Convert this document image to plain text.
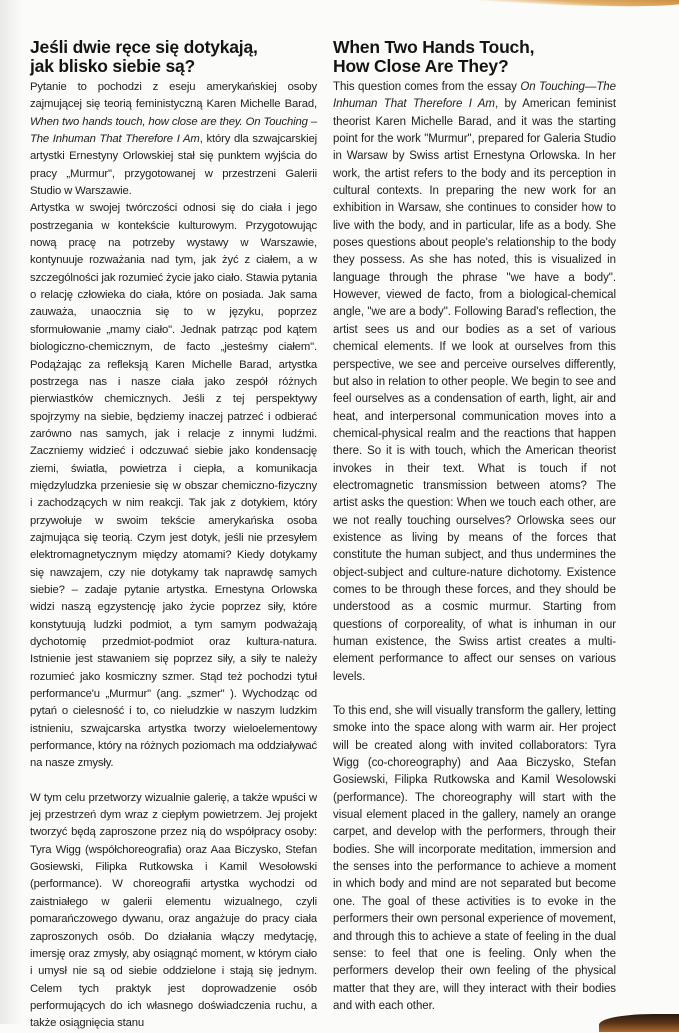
Jeśli dwie ręce się dotykają,
jak blisko siebie są?

Pytanie to pochodzi z eseju amerykańskiej osoby zajmującej się teorią feministyczną Karen Michelle Barad, When two hands touch, how close are they. On Touching – The Inhuman That Therefore I Am, który dla szwajcarskiej artystki Ernestyny Orlowskiej stał się punktem wyjścia do pracy „Murmur", przygotowanej w przestrzeni Galerii Studio w Warszawie.

Artystka w swojej twórczości odnosi się do ciała i jego postrzegania w kontekście kulturowym. Przygotowując nową pracę na potrzeby wystawy w Warszawie, kontynuuje rozważania nad tym, jak żyć z ciałem, a w szczególności jak rozumieć życie jako ciało. Stawia pytania o relację człowieka do ciała, które on posiada. Jak sama zauważa, unaocznia się to w języku, poprzez sformułowanie „mamy ciało". Jednak patrząc pod kątem biologiczno-chemicznym, de facto „jesteśmy ciałem". Podążając za refleksją Karen Michelle Barad, artystka postrzega nas i nasze ciała jako zespół różnych pierwiastków chemicznych. Jeśli z tej perspektywy spojrzymy na siebie, będziemy inaczej patrzeć i odbierać zarówno nas samych, jak i relacje z innymi ludźmi. Zaczniemy widzieć i odczuwać siebie jako kondensację ziemi, światła, powietrza i ciepła, a komunikacja międzyludzka przeniesie się w obszar chemiczno-fizyczny i zachodzących w nim reakcji. Tak jak z dotykiem, który przywołuje w swoim tekście amerykańska osoba zajmująca się teorią. Czym jest dotyk, jeśli nie przesyłem elektromagnetycznym między atomami? Kiedy dotykamy się nawzajem, czy nie dotykamy tak naprawdę samych siebie? – zadaje pytanie artystka. Ernestyna Orlowska widzi naszą egzystencję jako życie poprzez siły, które konstytuują ludzki podmiot, a tym samym podważają dychotomię przedmiot-podmiot oraz kultura-natura. Istnienie jest stawaniem się poprzez siły, a siły te należy rozumieć jako kosmiczny szmer. Stąd też pochodzi tytuł performance'u „Murmur" (ang. „szmer" ). Wychodząc od pytań o cielesność i to, co nieludzkie w naszym ludzkim istnieniu, szwajcarska artystka tworzy wieloelementowy performance, który na różnych poziomach ma oddziaływać na nasze zmysły.

W tym celu przetworzy wizualnie galerię, a także wpuści w jej przestrzeń dym wraz z ciepłym powietrzem. Jej projekt tworzyć będą zaproszone przez nią do współpracy osoby: Tyra Wigg (współchoreografia) oraz Aaa Biczysko, Stefan Gosiewski, Filipka Rutkowska i Kamil Wesołowski (performance). W choreografii artystka wychodzi od zaistniałego w galerii elementu wizualnego, czyli pomarańczowego dywanu, oraz angażuje do pracy ciała zaproszonych osób. Do działania włączy medytację, imersję oraz zmysły, aby osiągnąć moment, w którym ciało i umysł nie są od siebie oddzielone i stają się jednym. Celem tych praktyk jest doprowadzenie osób performujących do ich własnego doświadczenia ruchu, a także osiągnięcia stanu

When Two Hands Touch,
How Close Are They?

This question comes from the essay On Touching—The Inhuman That Therefore I Am, by American feminist theorist Karen Michelle Barad, and it was the starting point for the work "Murmur", prepared for Galeria Studio in Warsaw by Swiss artist Ernestyna Orlowska. In her work, the artist refers to the body and its perception in cultural contexts. In preparing the new work for an exhibition in Warsaw, she continues to consider how to live with the body, and in particular, life as a body. She poses questions about people's relationship to the body they possess. As she has noted, this is visualized in language through the phrase "we have a body". However, viewed de facto, from a biological-chemical angle, "we are a body". Following Barad's reflection, the artist sees us and our bodies as a set of various chemical elements. If we look at ourselves from this perspective, we see and perceive ourselves differently, but also in relation to other people. We begin to see and feel ourselves as a condensation of earth, light, air and heat, and interpersonal communication moves into a chemical-physical realm and the reactions that happen there. So it is with touch, which the American theorist invokes in their text. What is touch if not electromagnetic transmission between atoms? The artist asks the question: When we touch each other, are we not really touching ourselves? Orlowska sees our existence as living by means of the forces that constitute the human subject, and thus undermines the object-subject and culture-nature dichotomy. Existence comes to be through these forces, and they should be understood as a cosmic murmur. Starting from questions of corporeality, of what is inhuman in our human existence, the Swiss artist creates a multi-element performance to affect our senses on various levels.

To this end, she will visually transform the gallery, letting smoke into the space along with warm air. Her project will be created along with invited collaborators: Tyra Wigg (co-choreography) and Aaa Biczysko, Stefan Gosiewski, Filipka Rutkowska and Kamil Wesolowski (performance). The choreography will start with the visual element placed in the gallery, namely an orange carpet, and develop with the performers, through their bodies. She will incorporate meditation, immersion and the senses into the performance to achieve a moment in which body and mind are not separated but become one. The goal of these activities is to evoke in the performers their own personal experience of movement, and through this to achieve a state of feeling in the dual sense: to feel that one is feeling. Only when the performers develop their own feeling of the physical matter that they are, will they interact with their bodies and with each other.
